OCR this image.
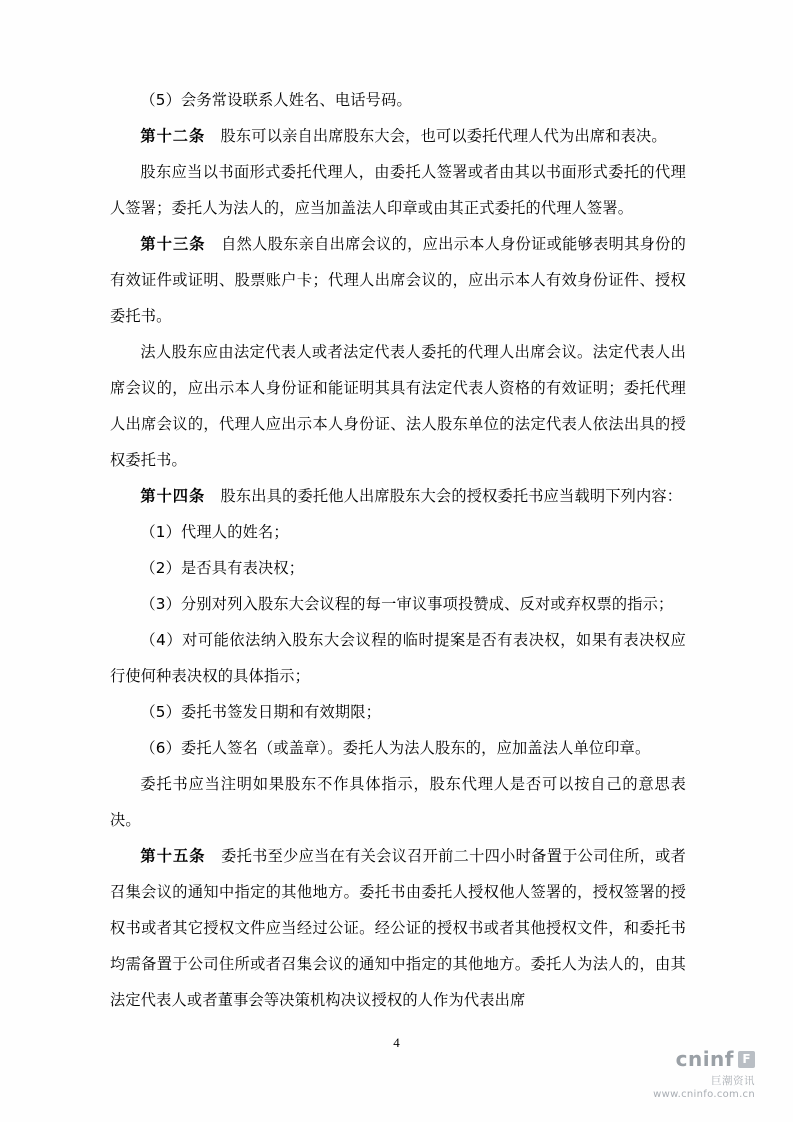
（5）会务常设联系人姓名、电话号码。

第十二条　股东可以亲自出席股东大会，也可以委托代理人代为出席和表决。

股东应当以书面形式委托代理人，由委托人签署或者由其以书面形式委托的代理人签署；委托人为法人的，应当加盖法人印章或由其正式委托的代理人签署。

第十三条　自然人股东亲自出席会议的，应出示本人身份证或能够表明其身份的有效证件或证明、股票账户卡；代理人出席会议的，应出示本人有效身份证件、授权委托书。

法人股东应由法定代表人或者法定代表人委托的代理人出席会议。法定代表人出席会议的，应出示本人身份证和能证明其具有法定代表人资格的有效证明；委托代理人出席会议的，代理人应出示本人身份证、法人股东单位的法定代表人依法出具的授权委托书。

第十四条　股东出具的委托他人出席股东大会的授权委托书应当载明下列内容：

（1）代理人的姓名；

（2）是否具有表决权；

（3）分别对列入股东大会议程的每一审议事项投赞成、反对或弃权票的指示；

（4）对可能依法纳入股东大会议程的临时提案是否有表决权，如果有表决权应行使何种表决权的具体指示；

（5）委托书签发日期和有效期限；

（6）委托人签名（或盖章）。委托人为法人股东的，应加盖法人单位印章。

委托书应当注明如果股东不作具体指示，股东代理人是否可以按自己的意思表决。

第十五条　委托书至少应当在有关会议召开前二十四小时备置于公司住所，或者召集会议的通知中指定的其他地方。委托书由委托人授权他人签署的，授权签署的授权书或者其它授权文件应当经过公证。经公证的授权书或者其他授权文件，和委托书均需备置于公司住所或者召集会议的通知中指定的其他地方。委托人为法人的，由其法定代表人或者董事会等决策机构决议授权的人作为代表出席

4
cninf F
巨潮资讯
www.cninfo.com.cn
